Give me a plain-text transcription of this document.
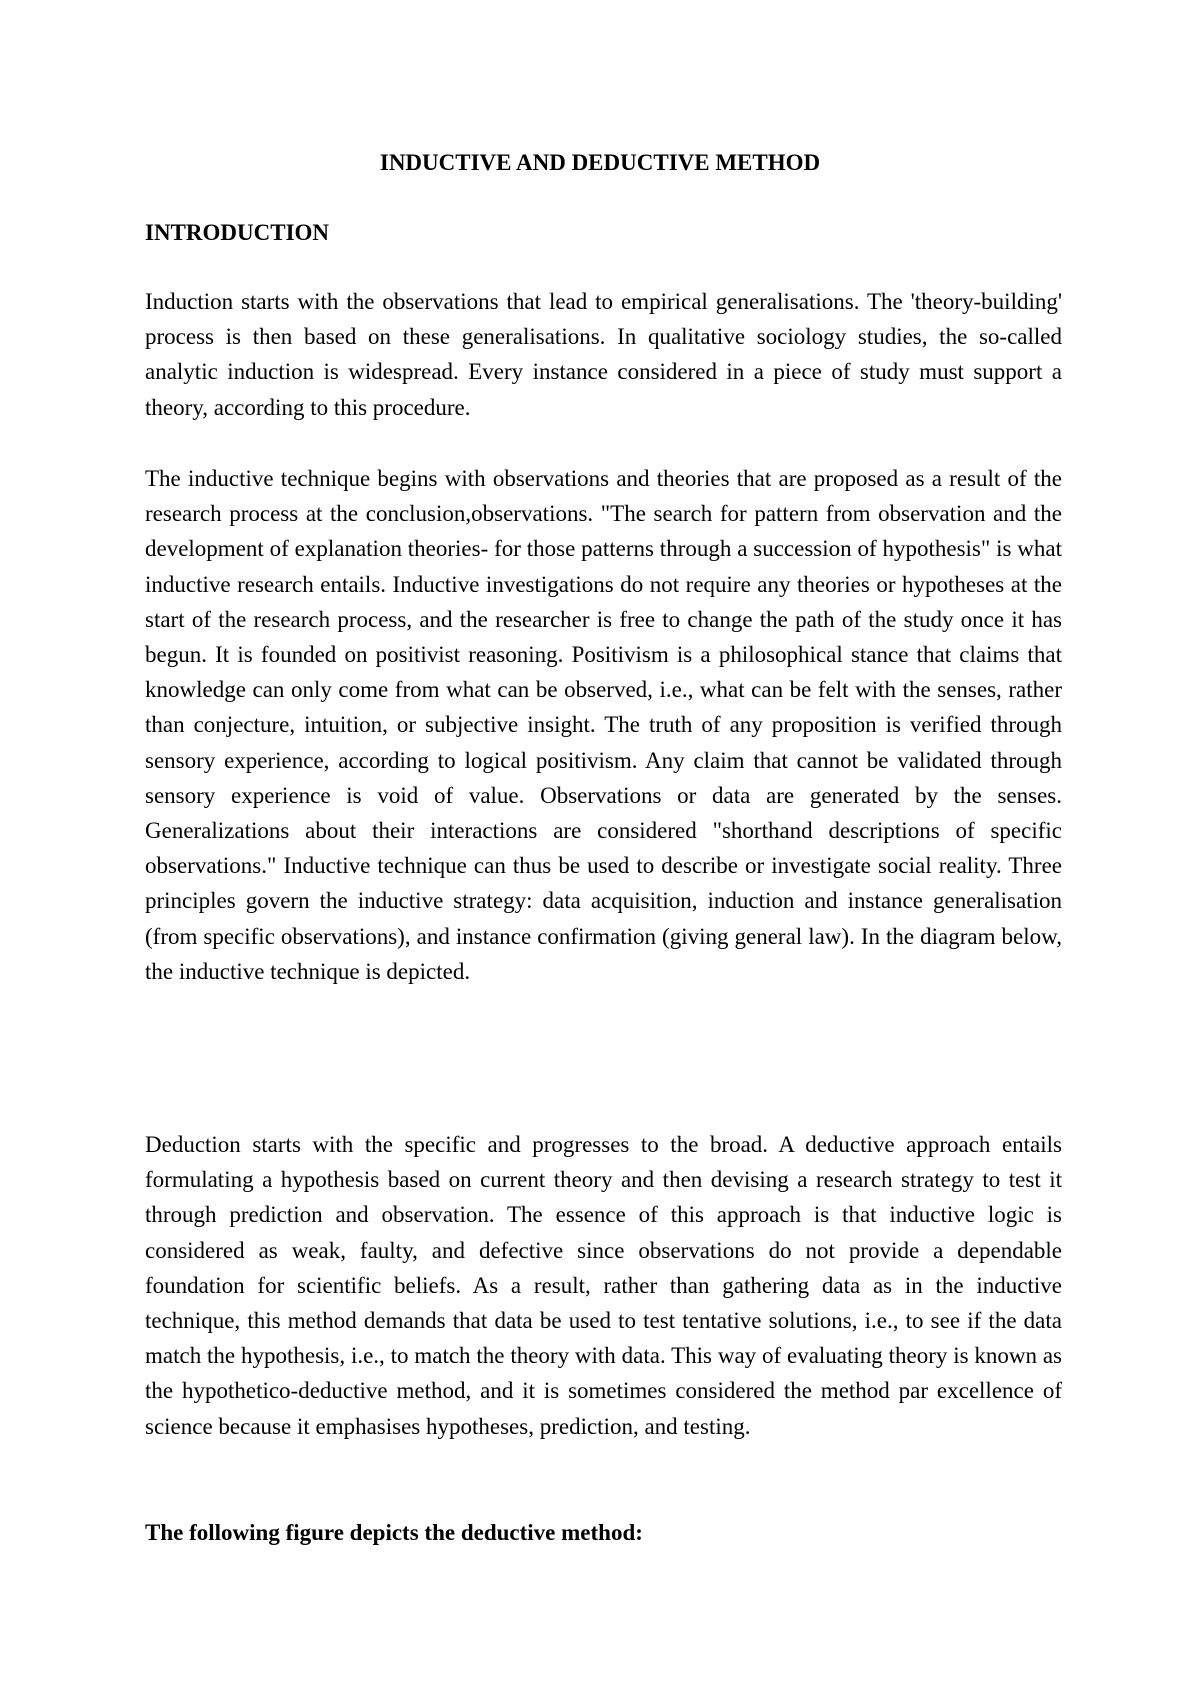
INDUCTIVE AND DEDUCTIVE METHOD
INTRODUCTION

Induction starts with the observations that lead to empirical generalisations. The 'theory-building' process is then based on these generalisations. In qualitative sociology studies, the so-called analytic induction is widespread. Every instance considered in a piece of study must support a theory, according to this procedure.

The inductive technique begins with observations and theories that are proposed as a result of the research process at the conclusion,observations. "The search for pattern from observation and the development of explanation theories- for those patterns through a succession of hypothesis" is what inductive research entails. Inductive investigations do not require any theories or hypotheses at the start of the research process, and the researcher is free to change the path of the study once it has begun. It is founded on positivist reasoning. Positivism is a philosophical stance that claims that knowledge can only come from what can be observed, i.e., what can be felt with the senses, rather than conjecture, intuition, or subjective insight. The truth of any proposition is verified through sensory experience, according to logical positivism. Any claim that cannot be validated through sensory experience is void of value. Observations or data are generated by the senses. Generalizations about their interactions are considered "shorthand descriptions of specific observations." Inductive technique can thus be used to describe or investigate social reality. Three principles govern the inductive strategy: data acquisition, induction and instance generalisation (from specific observations), and instance confirmation (giving general law). In the diagram below, the inductive technique is depicted.

Deduction starts with the specific and progresses to the broad. A deductive approach entails formulating a hypothesis based on current theory and then devising a research strategy to test it through prediction and observation. The essence of this approach is that inductive logic is considered as weak, faulty, and defective since observations do not provide a dependable foundation for scientific beliefs. As a result, rather than gathering data as in the inductive technique, this method demands that data be used to test tentative solutions, i.e., to see if the data match the hypothesis, i.e., to match the theory with data. This way of evaluating theory is known as the hypothetico-deductive method, and it is sometimes considered the method par excellence of science because it emphasises hypotheses, prediction, and testing.

The following figure depicts the deductive method:
